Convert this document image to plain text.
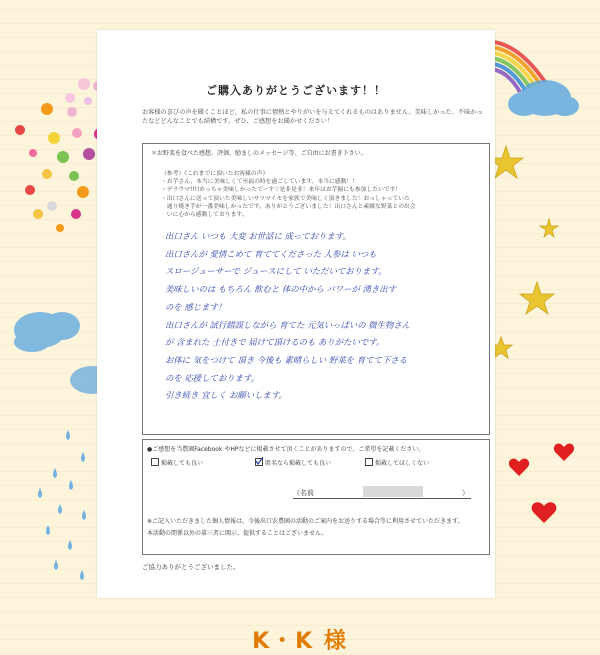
ご購入ありがとうございます！！
お客様の喜びの声を聞くことほど、私の仕事に情熱とやりがいを与えてくれるものはありません。美味しかった、不味かったなどどんなことでも結構です。ぜひ、ご感想をお聞かせください！
＊お野菜を食べた感想、評価、励ましのメッセージ等、ご自由にお書き下さい。
（参考）《これまでに頂いたお客様の声》
・お芋さん、本当に美味しくて至福の時を過ごしています。本当に感動！！
・デラウマ!!!!めっちゃ美味しかったでーす♡是非是非！来年はお芋掘にも参加したいです！
・出口さんに送って頂いた美味しいサツマイモを家族で美味しく頂きました！おっしゃっていた
　通り焼き芋が一番美味しかったです。ありがとうございました！出口さんと素敵な野菜との出会
　いに心から感動しております。
出口さん いつも 大変 お世話に 成っております。
出口さんが 愛情こめて 育ててくださった 人参は いつも
スロージューサーで ジュースにして いただいております。
美味しいのは もちろん 飲むと 体の中から パワーが 湧き出す
のを 感じます！
出口さんが 試行錯誤しながら 育てた 元気いっぱいの 微生物さん
が 含まれた 土付きで 届けて頂けるのも ありがたいです。
お体に 気をつけて 頂き 今後も 素晴らしい 野菜を 育てて下さる
のを 応援しております。
引き続き 宜しく お願いします。
●ご感想を当農園Facebook やHPなどに掲載させて頂くことがありますので、ご希望を記載ください。
掲載しても良い	匿名なら掲載しても良い	掲載してほしくない
（名前	）
※ご記入いただきました個人情報は、今後出口农農園の活動のご案内をお送りする場合等に利用させていただきます。
本活動の関係以外の第三者に開示、提供することはございません。
ご協力ありがとうございました。
K・K 様
